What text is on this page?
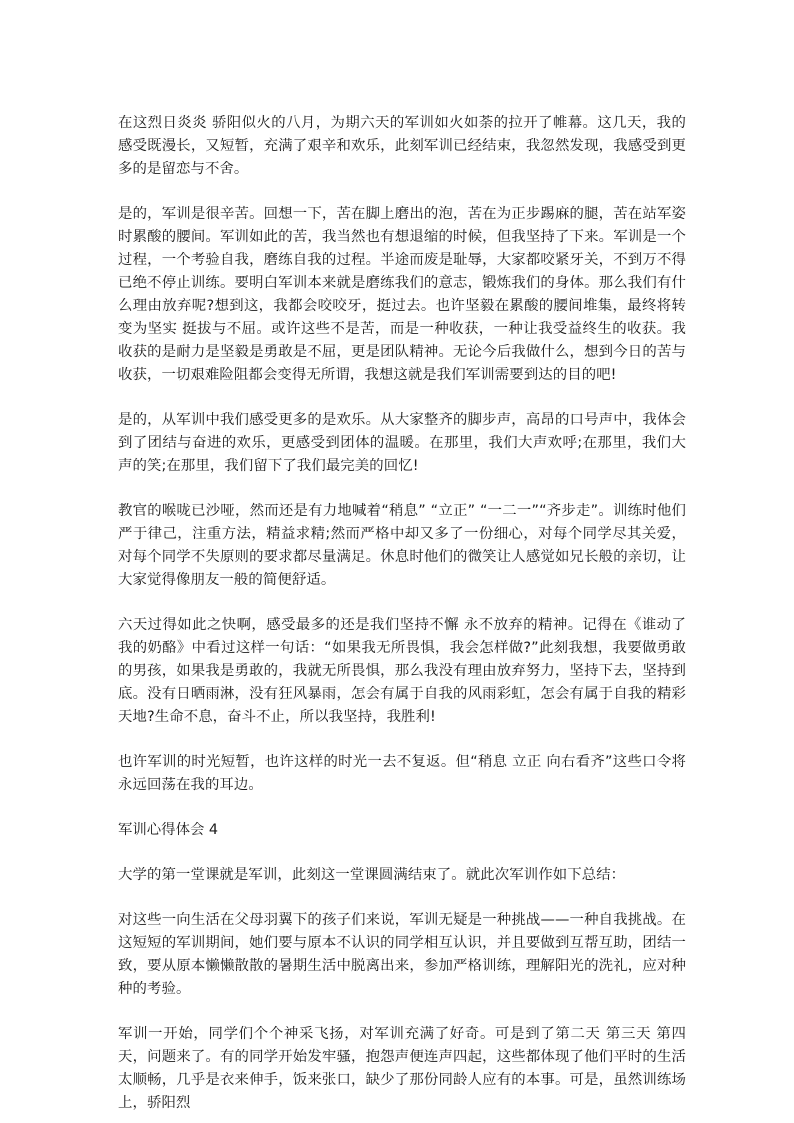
在这烈日炎炎 骄阳似火的八月，为期六天的军训如火如荼的拉开了帷幕。这几天，我的感受既漫长，又短暂，充满了艰辛和欢乐，此刻军训已经结束，我忽然发现，我感受到更多的是留恋与不舍。

是的，军训是很辛苦。回想一下，苦在脚上磨出的泡，苦在为正步踢麻的腿，苦在站军姿时累酸的腰间。军训如此的苦，我当然也有想退缩的时候，但我坚持了下来。军训是一个过程，一个考验自我，磨练自我的过程。半途而废是耻辱，大家都咬紧牙关，不到万不得已绝不停止训练。要明白军训本来就是磨练我们的意志，锻炼我们的身体。那么我们有什么理由放弃呢?想到这，我都会咬咬牙，挺过去。也许坚毅在累酸的腰间堆集，最终将转变为坚实 挺拔与不屈。或许这些不是苦，而是一种收获，一种让我受益终生的收获。我收获的是耐力是坚毅是勇敢是不屈，更是团队精神。无论今后我做什么，想到今日的苦与收获，一切艰难险阻都会变得无所谓，我想这就是我们军训需要到达的目的吧!

是的，从军训中我们感受更多的是欢乐。从大家整齐的脚步声，高昂的口号声中，我体会到了团结与奋进的欢乐，更感受到团体的温暖。在那里，我们大声欢呼;在那里，我们大声的笑;在那里，我们留下了我们最完美的回忆!

教官的喉咙已沙哑，然而还是有力地喊着“稍息” “立正” “一二一”“齐步走”。训练时他们严于律己，注重方法，精益求精;然而严格中却又多了一份细心，对每个同学尽其关爱，对每个同学不失原则的要求都尽量满足。休息时他们的微笑让人感觉如兄长般的亲切，让大家觉得像朋友一般的简便舒适。

六天过得如此之快啊，感受最多的还是我们坚持不懈 永不放弃的精神。记得在《谁动了我的奶酪》中看过这样一句话：“如果我无所畏惧，我会怎样做?”此刻我想，我要做勇敢的男孩，如果我是勇敢的，我就无所畏惧，那么我没有理由放弃努力，坚持下去，坚持到底。没有日晒雨淋，没有狂风暴雨，怎会有属于自我的风雨彩虹，怎会有属于自我的精彩天地?生命不息，奋斗不止，所以我坚持，我胜利!

也许军训的时光短暂，也许这样的时光一去不复返。但“稍息 立正 向右看齐”这些口令将永远回荡在我的耳边。

军训心得体会 4

大学的第一堂课就是军训，此刻这一堂课圆满结束了。就此次军训作如下总结：

对这些一向生活在父母羽翼下的孩子们来说，军训无疑是一种挑战——一种自我挑战。在这短短的军训期间，她们要与原本不认识的同学相互认识，并且要做到互帮互助，团结一致，要从原本懒懒散散的暑期生活中脱离出来，参加严格训练，理解阳光的洗礼，应对种种的考验。

军训一开始，同学们个个神采飞扬，对军训充满了好奇。可是到了第二天 第三天 第四天，问题来了。有的同学开始发牢骚，抱怨声便连声四起，这些都体现了他们平时的生活太顺畅，几乎是衣来伸手，饭来张口，缺少了那份同龄人应有的本事。可是，虽然训练场上，骄阳烈
